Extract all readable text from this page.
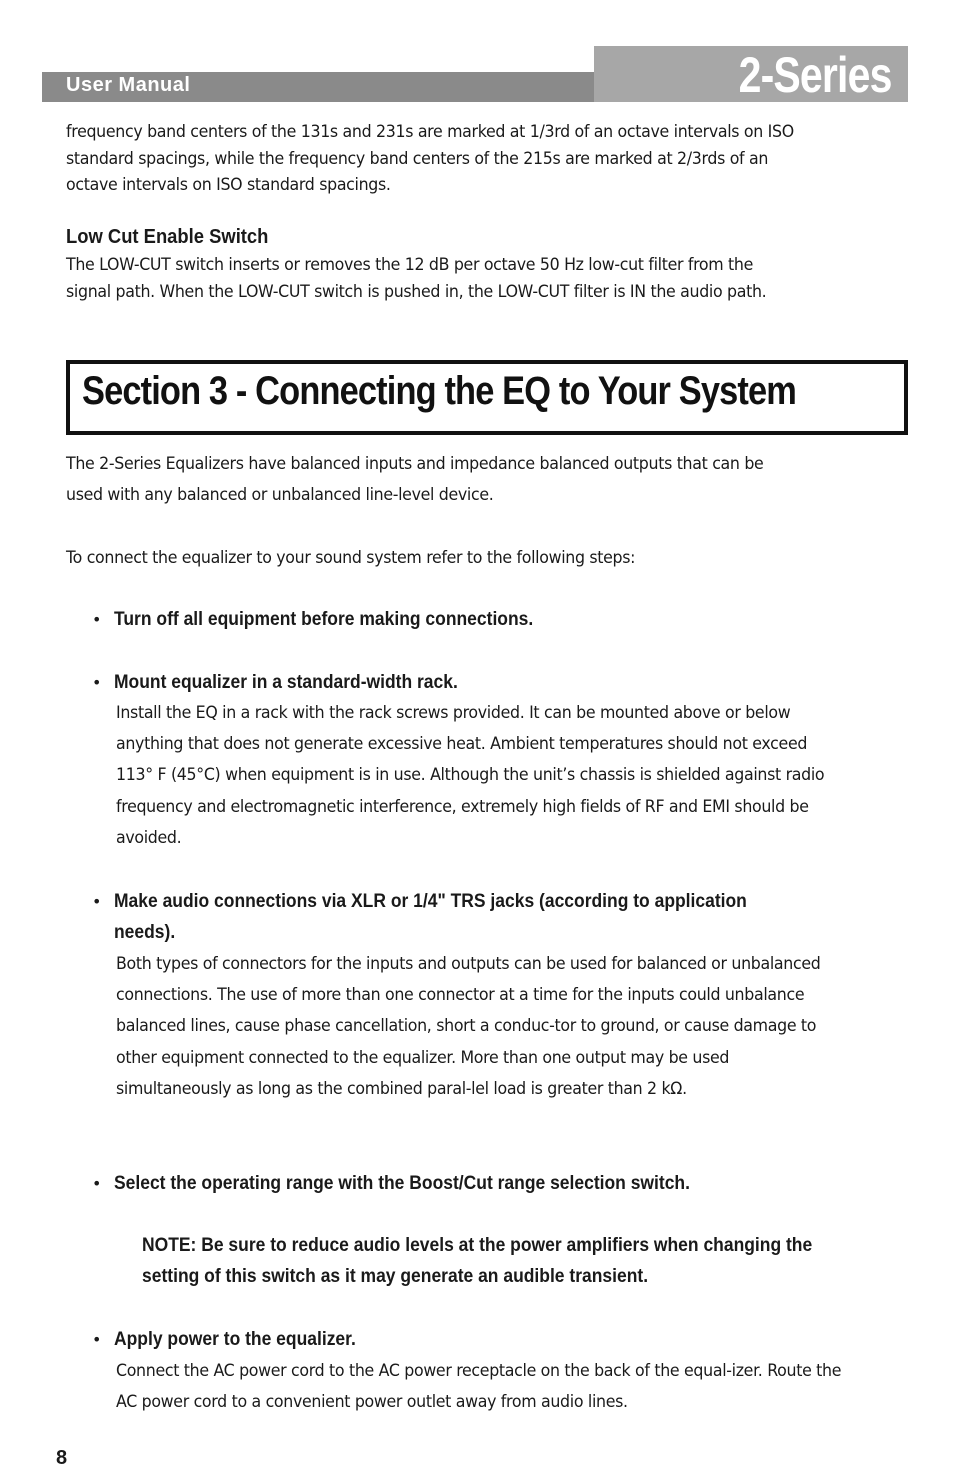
User Manual	2-Series

frequency band centers of the 131s and 231s are marked at 1/3rd of an octave intervals on ISO standard spacings, while the frequency band centers of the 215s are marked at 2/3rds of an octave intervals on ISO standard spacings.

Low Cut Enable Switch

The LOW-CUT switch inserts or removes the 12 dB per octave 50 Hz low-cut filter from the signal path. When the LOW-CUT switch is pushed in, the LOW-CUT filter is IN the audio path.

Section 3 - Connecting the EQ to Your System

The 2-Series Equalizers have balanced inputs and impedance balanced outputs that can be used with any balanced or unbalanced line-level device.

To connect the equalizer to your sound system refer to the following steps:

• Turn off all equipment before making connections.

• Mount equalizer in a standard-width rack.

Install the EQ in a rack with the rack screws provided. It can be mounted above or below anything that does not generate excessive heat. Ambient temperatures should not exceed 113° F (45°C) when equipment is in use. Although the unit’s chassis is shielded against radio frequency and electromagnetic interference, extremely high fields of RF and EMI should be avoided.

• Make audio connections via XLR or 1/4" TRS jacks (according to application needs).

Both types of connectors for the inputs and outputs can be used for balanced or unbalanced connections. The use of more than one connector at a time for the inputs could unbalance balanced lines, cause phase cancellation, short a conduc-tor to ground, or cause damage to other equipment connected to the equalizer. More than one output may be used simultaneously as long as the combined paral-lel load is greater than 2 kΩ.

• Select the operating range with the Boost/Cut range selection switch.

NOTE: Be sure to reduce audio levels at the power amplifiers when changing the setting of this switch as it may generate an audible transient.

• Apply power to the equalizer.

Connect the AC power cord to the AC power receptacle on the back of the equal-izer. Route the AC power cord to a convenient power outlet away from audio lines.

8
